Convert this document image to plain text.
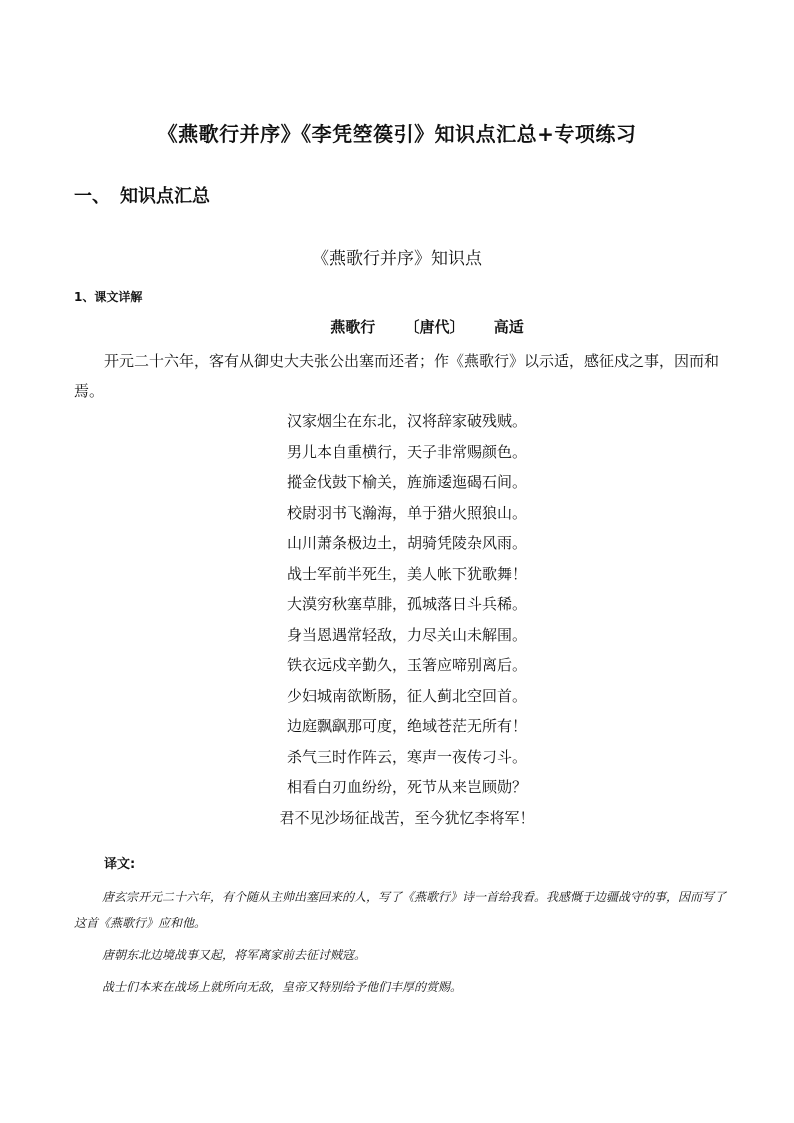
《燕歌行并序》《李凭箜篌引》知识点汇总+专项练习
一、 知识点汇总
《燕歌行并序》知识点
1、课文详解
燕歌行 〔唐代〕 高适
开元二十六年，客有从御史大夫张公出塞而还者；作《燕歌行》以示适，感征戍之事，因而和焉。
汉家烟尘在东北，汉将辞家破残贼。
男儿本自重横行，天子非常赐颜色。
摐金伐鼓下榆关，旌旆逶迤碣石间。
校尉羽书飞瀚海，单于猎火照狼山。
山川萧条极边土，胡骑凭陵杂风雨。
战士军前半死生，美人帐下犹歌舞！
大漠穷秋塞草腓，孤城落日斗兵稀。
身当恩遇常轻敌，力尽关山未解围。
铁衣远戍辛勤久，玉箸应啼别离后。
少妇城南欲断肠，征人蓟北空回首。
边庭飘飖那可度，绝域苍茫无所有！
杀气三时作阵云，寒声一夜传刁斗。
相看白刃血纷纷，死节从来岂顾勋？
君不见沙场征战苦，至今犹忆李将军！
译文:

唐玄宗开元二十六年，有个随从主帅出塞回来的人，写了《燕歌行》诗一首给我看。我感慨于边疆战守的事，因而写了这首《燕歌行》应和他。

唐朝东北边境战事又起，将军离家前去征讨贼寇。

战士们本来在战场上就所向无敌，皇帝又特别给予他们丰厚的赏赐。
